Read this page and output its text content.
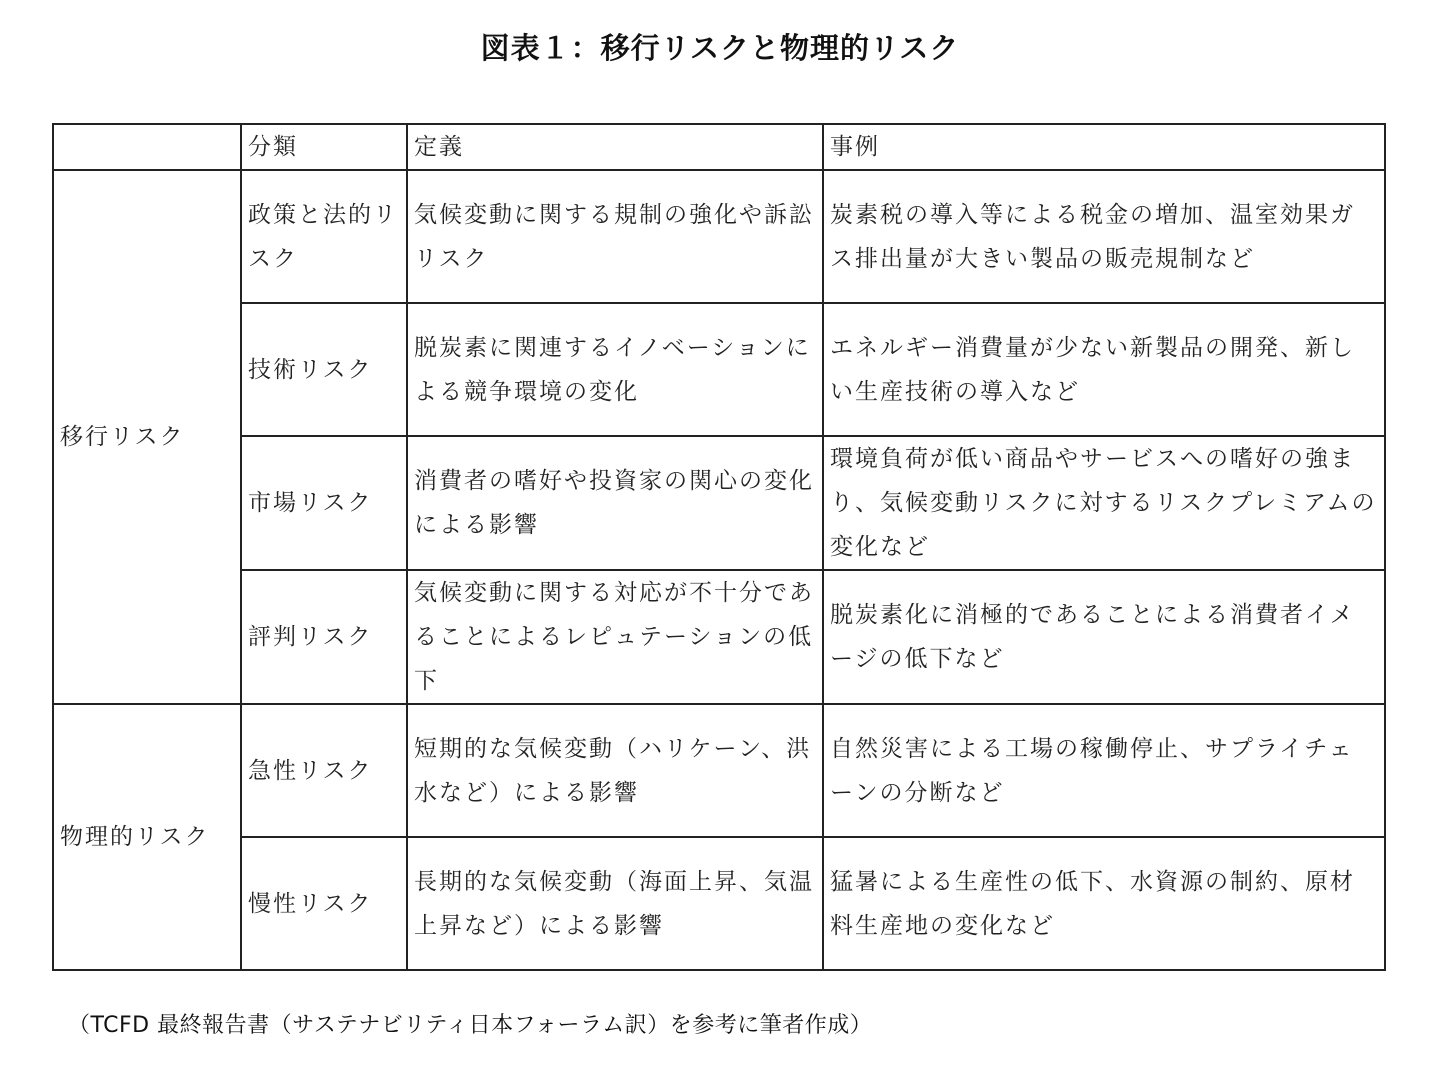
図表１：移行リスクと物理的リスク
	分類	定義	事例
移行リスク	政策と法的リスク	気候変動に関する規制の強化や訴訟リスク	炭素税の導入等による税金の増加、温室効果ガス排出量が大きい製品の販売規制など
	技術リスク	脱炭素に関連するイノベーションによる競争環境の変化	エネルギー消費量が少ない新製品の開発、新しい生産技術の導入など
	市場リスク	消費者の嗜好や投資家の関心の変化による影響	環境負荷が低い商品やサービスへの嗜好の強まり、気候変動リスクに対するリスクプレミアムの変化など
	評判リスク	気候変動に関する対応が不十分であることによるレピュテーションの低下	脱炭素化に消極的であることによる消費者イメージの低下など
物理的リスク	急性リスク	短期的な気候変動（ハリケーン、洪水など）による影響	自然災害による工場の稼働停止、サプライチェーンの分断など
	慢性リスク	長期的な気候変動（海面上昇、気温上昇など）による影響	猛暑による生産性の低下、水資源の制約、原材料生産地の変化など
（TCFD 最終報告書（サステナビリティ日本フォーラム訳）を参考に筆者作成）
